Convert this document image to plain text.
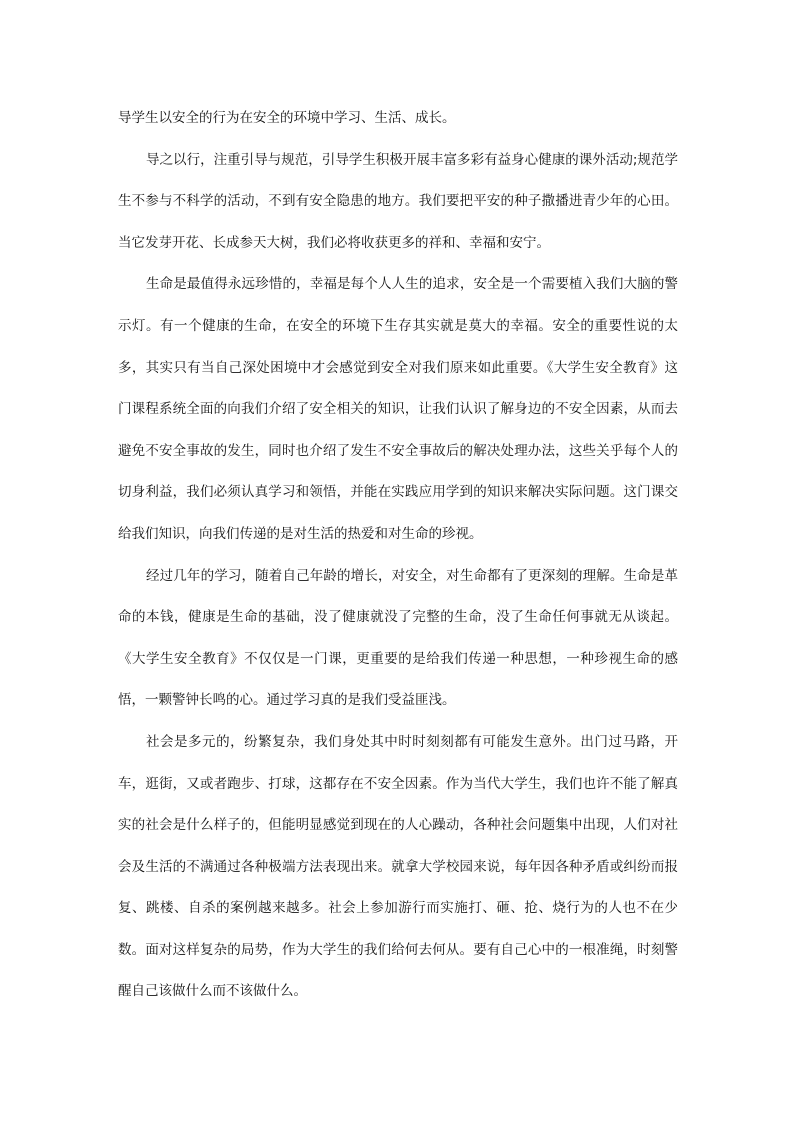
导学生以安全的行为在安全的环境中学习、生活、成长。

导之以行，注重引导与规范，引导学生积极开展丰富多彩有益身心健康的课外活动;规范学生不参与不科学的活动，不到有安全隐患的地方。我们要把平安的种子撒播进青少年的心田。当它发芽开花、长成参天大树，我们必将收获更多的祥和、幸福和安宁。

生命是最值得永远珍惜的，幸福是每个人人生的追求，安全是一个需要植入我们大脑的警示灯。有一个健康的生命，在安全的环境下生存其实就是莫大的幸福。安全的重要性说的太多，其实只有当自己深处困境中才会感觉到安全对我们原来如此重要。《大学生安全教育》这门课程系统全面的向我们介绍了安全相关的知识，让我们认识了解身边的不安全因素，从而去避免不安全事故的发生，同时也介绍了发生不安全事故后的解决处理办法，这些关乎每个人的切身利益，我们必须认真学习和领悟，并能在实践应用学到的知识来解决实际问题。这门课交给我们知识，向我们传递的是对生活的热爱和对生命的珍视。

经过几年的学习，随着自己年龄的增长，对安全，对生命都有了更深刻的理解。生命是革命的本钱，健康是生命的基础，没了健康就没了完整的生命，没了生命任何事就无从谈起。《大学生安全教育》不仅仅是一门课，更重要的是给我们传递一种思想，一种珍视生命的感悟，一颗警钟长鸣的心。通过学习真的是我们受益匪浅。

社会是多元的，纷繁复杂，我们身处其中时时刻刻都有可能发生意外。出门过马路，开车，逛街，又或者跑步、打球，这都存在不安全因素。作为当代大学生，我们也许不能了解真实的社会是什么样子的，但能明显感觉到现在的人心躁动，各种社会问题集中出现，人们对社会及生活的不满通过各种极端方法表现出来。就拿大学校园来说，每年因各种矛盾或纠纷而报复、跳楼、自杀的案例越来越多。社会上参加游行而实施打、砸、抢、烧行为的人也不在少数。面对这样复杂的局势，作为大学生的我们给何去何从。要有自己心中的一根准绳，时刻警醒自己该做什么而不该做什么。
